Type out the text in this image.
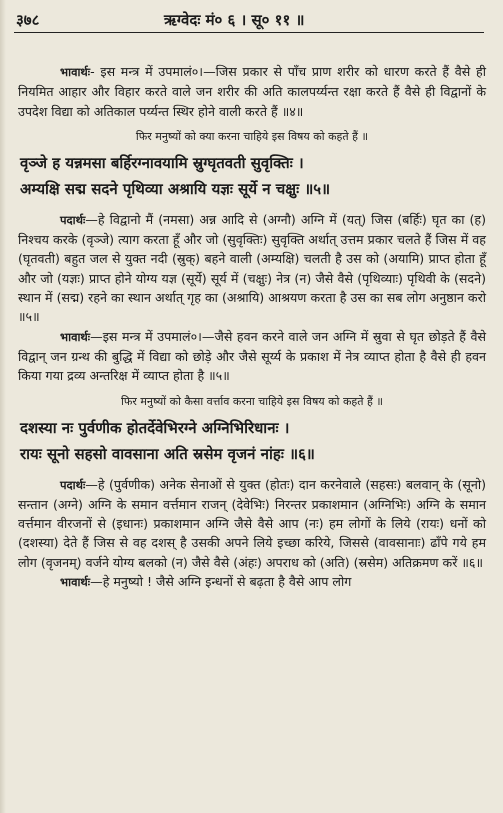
३७८	ऋग्वेदः मं० ६ । सू० ११ ॥

भावार्थः- इस मन्त्र में उपमालं०।—जिस प्रकार से पाँच प्राण शरीर को धारण करते हैं वैसे ही नियमित आहार और विहार करते वाले जन शरीर की अति कालपर्य्यन्त रक्षा करते हैं वैसे ही विद्वानों के उपदेश विद्या को अतिकाल पर्य्यन्त स्थिर होने वाली करते हैं ॥४॥

फिर मनुष्यों को क्या करना चाहिये इस विषय को कहते हैं ॥

वृञ्जे ह यन्नमसा बर्हिरग्नावयामि स्रुग्घृतवती सुवृक्तिः ।

अम्यक्षि सद्म सदने पृथिव्या अश्रायि यज्ञः सूर्ये न चक्षुः ॥५॥

पदार्थः—हे विद्वानो मैं (नमसा) अन्न आदि से (अग्नौ) अग्नि में (यत्) जिस (बर्हिः) घृत का (ह) निश्चय करके (वृञ्जे) त्याग करता हूँ और जो (सुवृक्तिः) सुवृक्ति अर्थात् उत्तम प्रकार चलते हैं जिस में वह (घृतवती) बहुत जल से युक्त नदी (स्रुक्) बहने वाली (अम्यक्षि) चलती है उस को (अयामि) प्राप्त होता हूँ और जो (यज्ञः) प्राप्त होने योग्य यज्ञ (सूर्ये) सूर्य में (चक्षुः) नेत्र (न) जैसे वैसे (पृथिव्याः) पृथिवी के (सदने) स्थान में (सद्म) रहने का स्थान अर्थात् गृह का (अश्रायि) आश्रयण करता है उस का सब लोग अनुष्ठान करो ॥५॥

भावार्थः—इस मन्त्र में उपमालं०।—जैसे हवन करने वाले जन अग्नि में स्रुवा से घृत छोड़ते हैं वैसे विद्वान् जन ग्रन्थ की बुद्धि में विद्या को छोड़े और जैसे सूर्य्य के प्रकाश में नेत्र व्याप्त होता है वैसे ही हवन किया गया द्रव्य अन्तरिक्ष में व्याप्त होता है ॥५॥

फिर मनुष्यों को कैसा वर्त्ताव करना चाहिये इस विषय को कहते हैं ॥

दशस्या नः पुर्वणीक होतर्देवेभिरग्ने अग्निभिरिधानः ।

रायः सूनो सहसो वावसाना अति स्रसेम वृजनं नांहः ॥६॥

पदार्थः—हे (पुर्वणीक) अनेक सेनाओं से युक्त (होतः) दान करनेवाले (सहसः) बलवान् के (सूनो) सन्तान (अग्ने) अग्नि के समान वर्त्तमान राजन् (देवेभिः) निरन्तर प्रकाशमान (अग्निभिः) अग्नि के समान वर्त्तमान वीरजनों से (इधानः) प्रकाशमान अग्नि जैसे वैसे आप (नः) हम लोगों के लिये (रायः) धनों को (दशस्या) देते हैं जिस से वह दशस् है उसकी अपने लिये इच्छा करिये, जिससे (वावसानाः) ढाँपे गये हम लोग (वृजनम्) वर्जने योग्य बलको (न) जैसे वैसे (अंहः) अपराध को (अति) (स्रसेम) अतिक्रमण करें ॥६॥

भावार्थः—हे मनुष्यो ! जैसे अग्नि इन्धनों से बढ़ता है वैसे आप लोग
